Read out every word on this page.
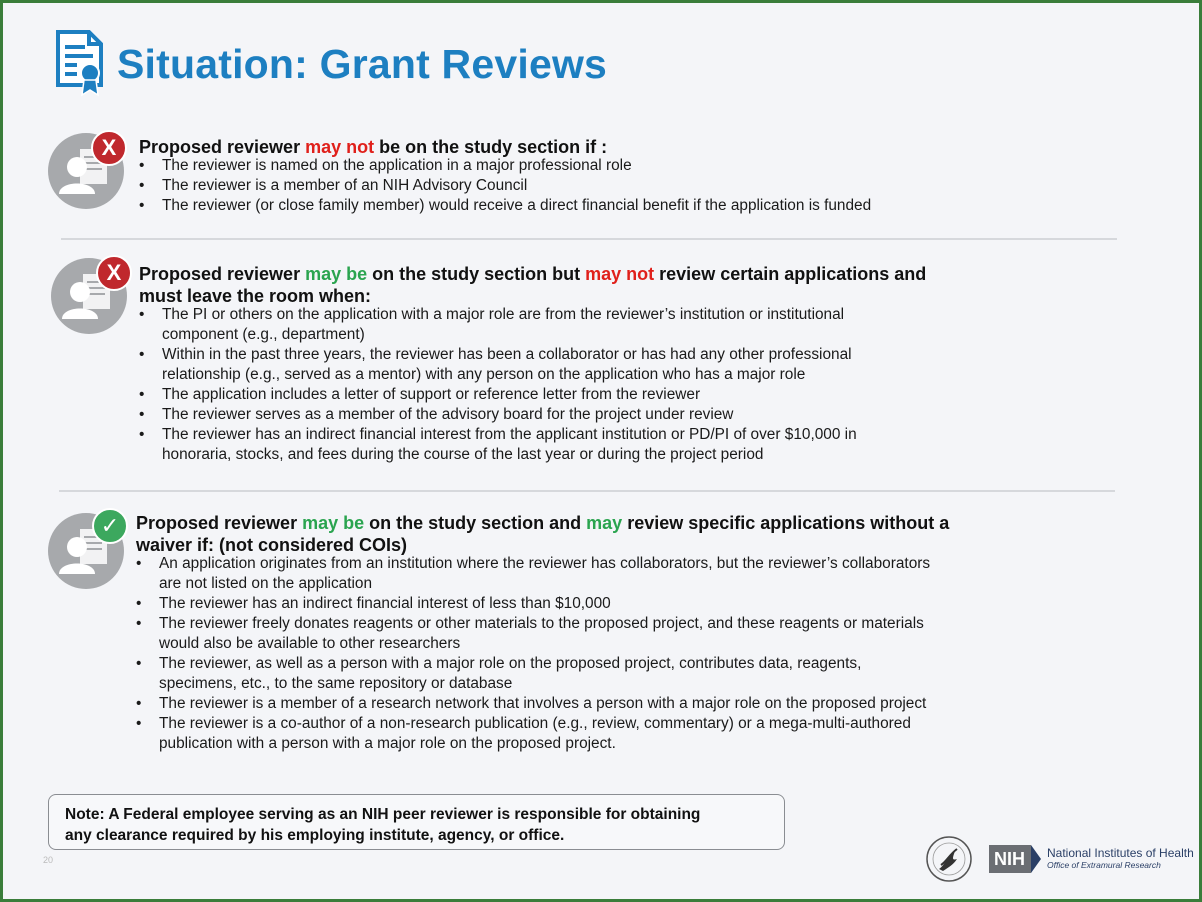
Situation: Grant Reviews
X	Proposed reviewer may not be on the study section if :
• The reviewer is named on the application in a major professional role
• The reviewer is a member of an NIH Advisory Council
• The reviewer (or close family member) would receive a direct financial benefit if the application is funded
X Proposed reviewer may be on the study section but may not review certain applications and
must leave the room when:
• The PI or others on the application with a major role are from the reviewer’s institution or institutional
component (e.g., department)
• Within in the past three years, the reviewer has been a collaborator or has had any other professional
relationship (e.g., served as a mentor) with any person on the application who has a major role
• The application includes a letter of support or reference letter from the reviewer
• The reviewer serves as a member of the advisory board for the project under review
• The reviewer has an indirect financial interest from the applicant institution or PD/PI of over $10,000 in
honoraria, stocks, and fees during the course of the last year or during the project period
✓ Proposed reviewer may be on the study section and may review specific applications without a
waiver if: (not considered COIs)
• An application originates from an institution where the reviewer has collaborators, but the reviewer’s collaborators
are not listed on the application
• The reviewer has an indirect financial interest of less than $10,000
• The reviewer freely donates reagents or other materials to the proposed project, and these reagents or materials
would also be available to other researchers
• The reviewer, as well as a person with a major role on the proposed project, contributes data, reagents,
specimens, etc., to the same repository or database
• The reviewer is a member of a research network that involves a person with a major role on the proposed project
• The reviewer is a co-author of a non-research publication (e.g., review, commentary) or a mega-multi-authored
publication with a person with a major role on the proposed project.
Note: A Federal employee serving as an NIH peer reviewer is responsible for obtaining
any clearance required by his employing institute, agency, or office.
20	NIH	National Institutes of Health
Office of Extramural Research
